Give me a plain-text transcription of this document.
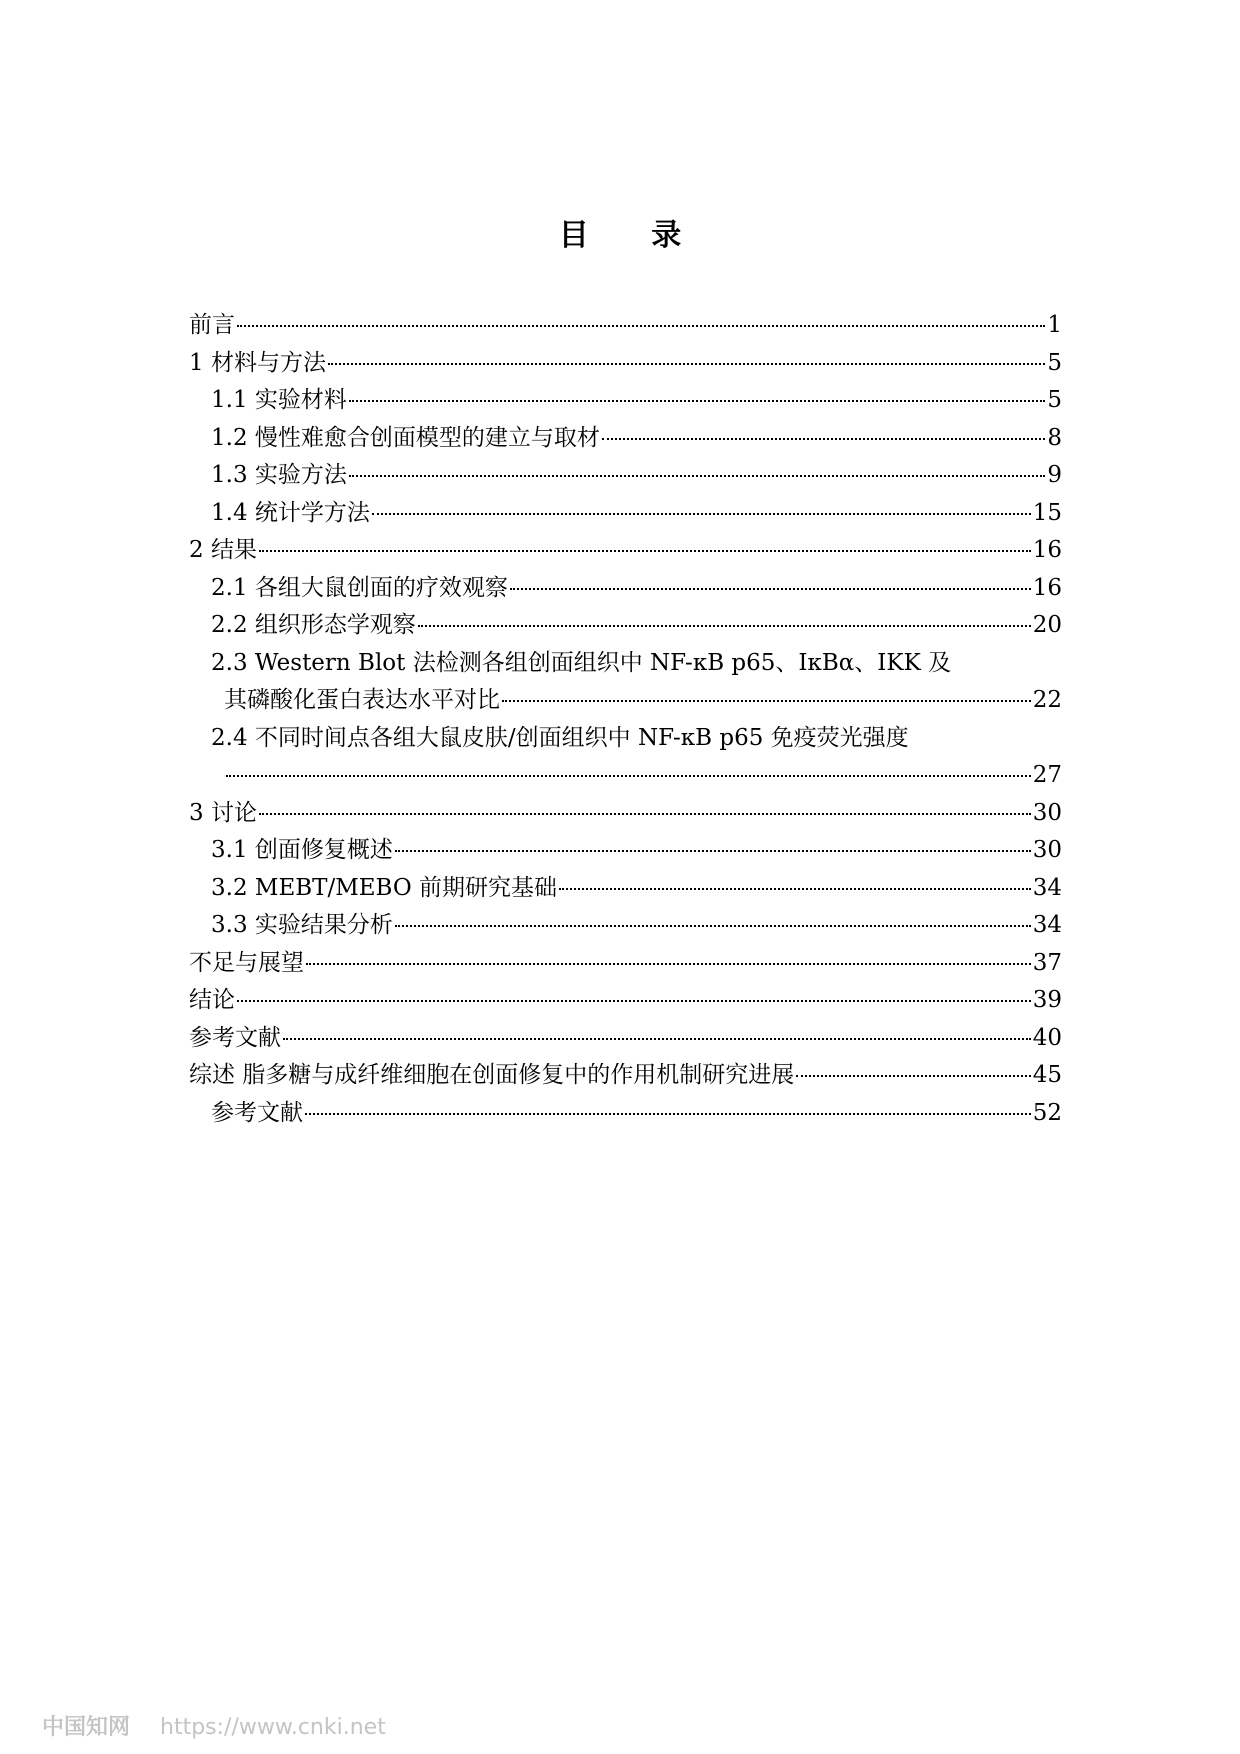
目 录
前言	1
1 材料与方法	5
1.1 实验材料	5
1.2 慢性难愈合创面模型的建立与取材	8
1.3 实验方法	9
1.4 统计学方法	15
2 结果	16
2.1 各组大鼠创面的疗效观察	16
2.2 组织形态学观察	20
2.3 Western Blot 法检测各组创面组织中 NF-κB p65、IκBα、IKK 及
其磷酸化蛋白表达水平对比	22
2.4 不同时间点各组大鼠皮肤/创面组织中 NF-κB p65 免疫荧光强度
27
3 讨论	30
3.1 创面修复概述	30
3.2 MEBT/MEBO 前期研究基础	34
3.3 实验结果分析	34
不足与展望	37
结论	39
参考文献	40
综述 脂多糖与成纤维细胞在创面修复中的作用机制研究进展	45
参考文献	52
中国知网 https://www.cnki.net
